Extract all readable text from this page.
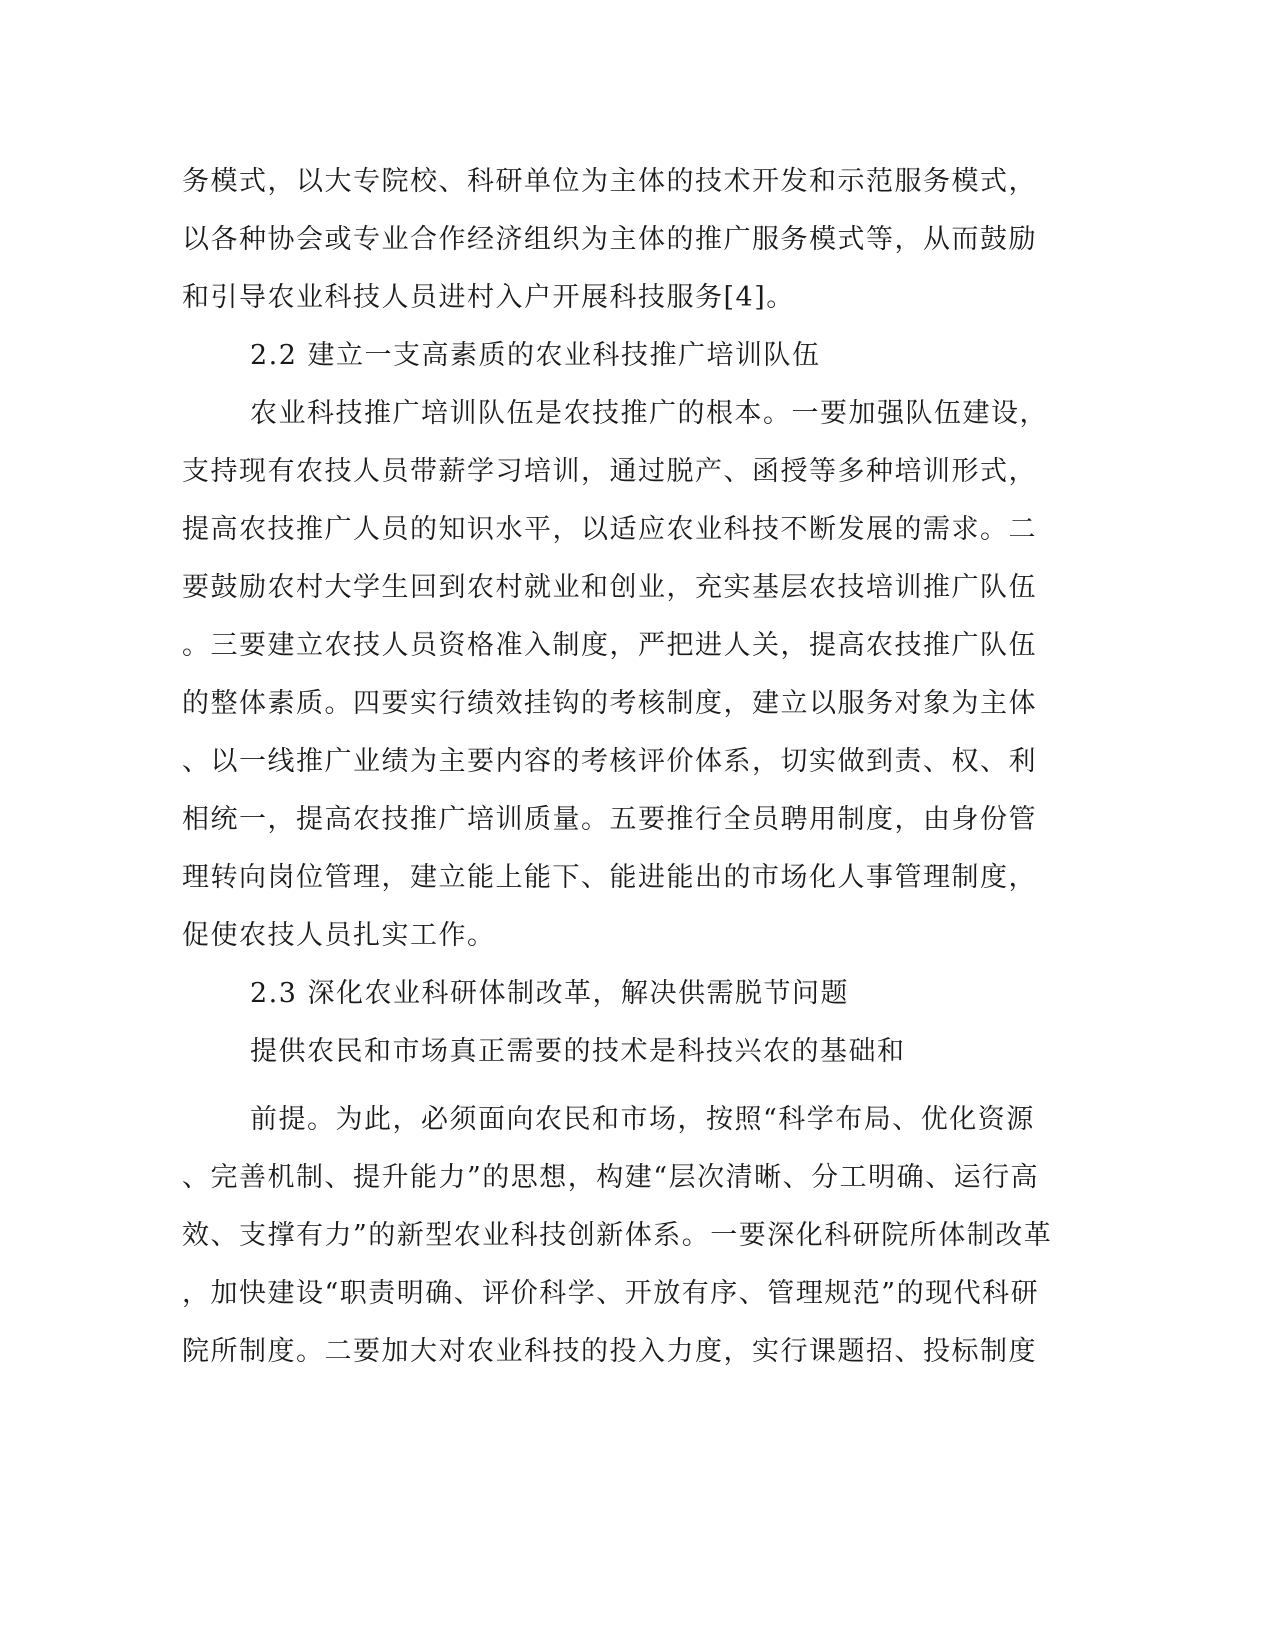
务模式，以大专院校、科研单位为主体的技术开发和示范服务模式，
以各种协会或专业合作经济组织为主体的推广服务模式等，从而鼓励
和引导农业科技人员进村入户开展科技服务[4]。
2.2 建立一支高素质的农业科技推广培训队伍
农业科技推广培训队伍是农技推广的根本。一要加强队伍建设，
支持现有农技人员带薪学习培训，通过脱产、函授等多种培训形式，
提高农技推广人员的知识水平，以适应农业科技不断发展的需求。二
要鼓励农村大学生回到农村就业和创业，充实基层农技培训推广队伍
。三要建立农技人员资格准入制度，严把进人关，提高农技推广队伍
的整体素质。四要实行绩效挂钩的考核制度，建立以服务对象为主体
、以一线推广业绩为主要内容的考核评价体系，切实做到责、权、利
相统一，提高农技推广培训质量。五要推行全员聘用制度，由身份管
理转向岗位管理，建立能上能下、能进能出的市场化人事管理制度，
促使农技人员扎实工作。
2.3 深化农业科研体制改革，解决供需脱节问题
提供农民和市场真正需要的技术是科技兴农的基础和
前提。为此，必须面向农民和市场，按照“科学布局、优化资源
、完善机制、提升能力”的思想，构建“层次清晰、分工明确、运行高
效、支撑有力”的新型农业科技创新体系。一要深化科研院所体制改革
，加快建设“职责明确、评价科学、开放有序、管理规范”的现代科研
院所制度。二要加大对农业科技的投入力度，实行课题招、投标制度
